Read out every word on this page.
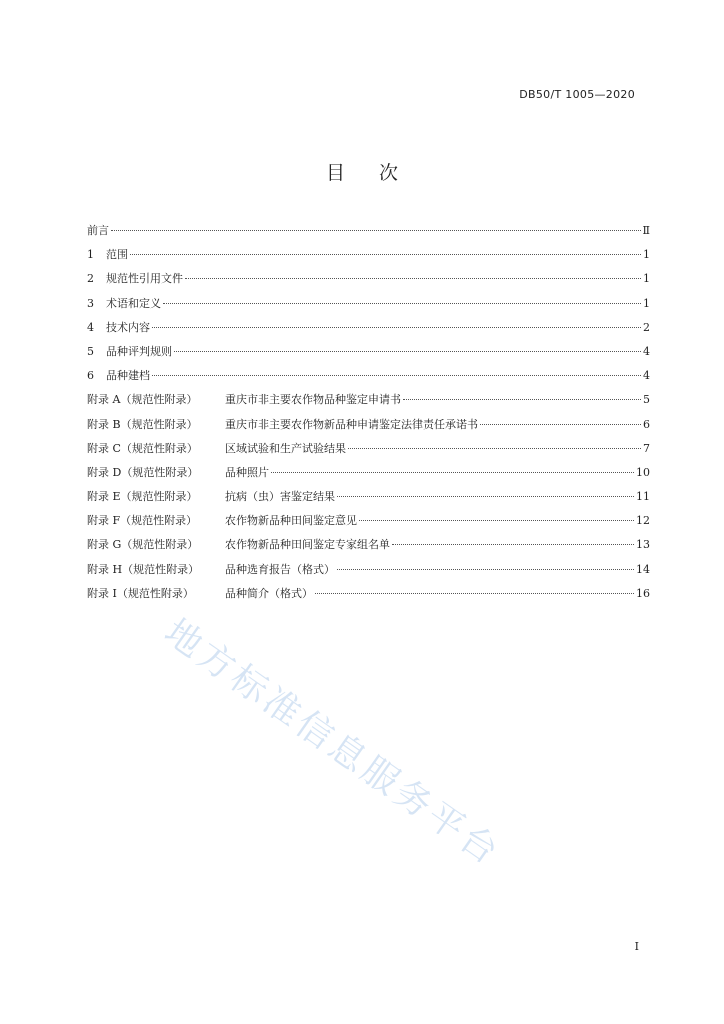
DB50/T 1005—2020
目 次
前言	Ⅱ
1	范围	1
2	规范性引用文件	1
3	术语和定义	1
4	技术内容	2
5	品种评判规则	4
6	品种建档	4
附录 A（规范性附录）	重庆市非主要农作物品种鉴定申请书	5
附录 B（规范性附录）	重庆市非主要农作物新品种申请鉴定法律责任承诺书	6
附录 C（规范性附录）	区域试验和生产试验结果	7
附录 D（规范性附录）	品种照片	10
附录 E（规范性附录）	抗病（虫）害鉴定结果	11
附录 F（规范性附录）	农作物新品种田间鉴定意见	12
附录 G（规范性附录）	农作物新品种田间鉴定专家组名单	13
附录 H（规范性附录）	品种选育报告（格式）	14
附录 I（规范性附录）	品种简介（格式）	16
地方标准信息服务平台
I
